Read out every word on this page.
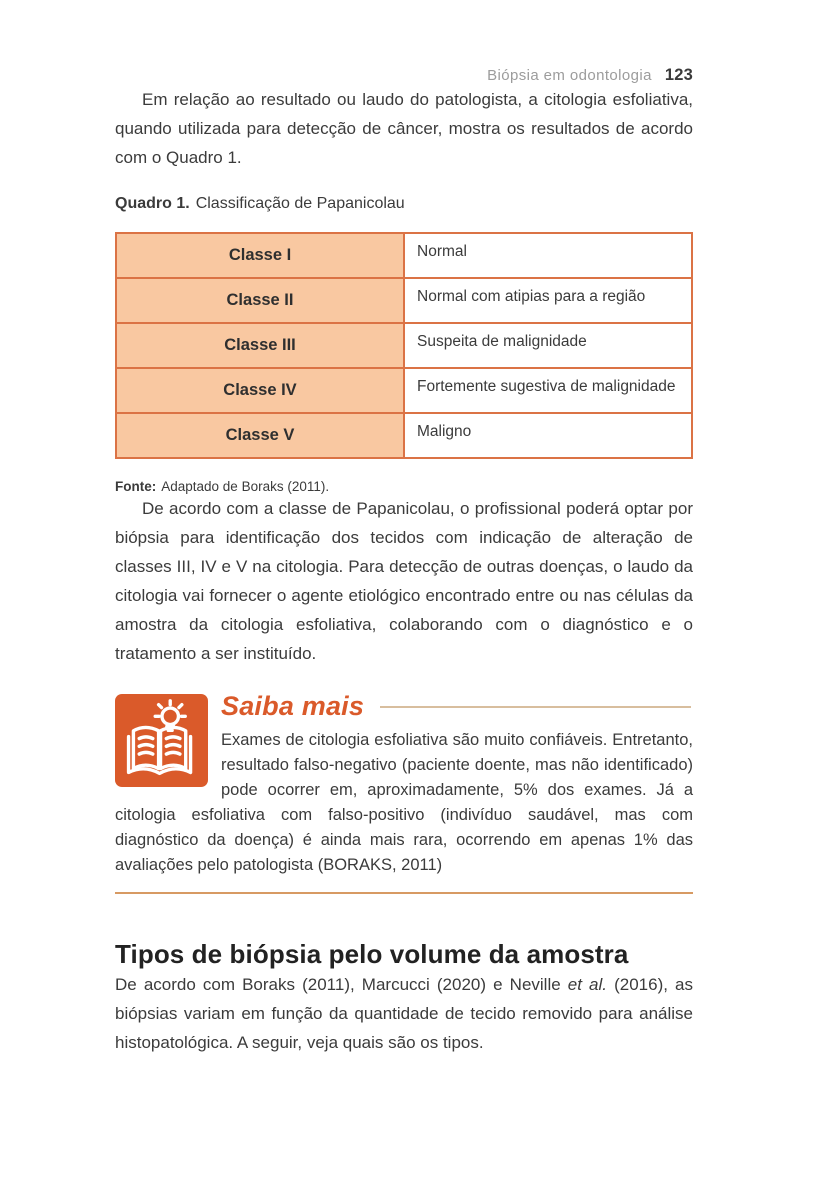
Biópsia em odontologia 123

Em relação ao resultado ou laudo do patologista, a citologia esfoliativa, quando utilizada para detecção de câncer, mostra os resultados de acordo com o Quadro 1.

Quadro 1. Classificação de Papanicolau

Classe I	Normal
Classe II	Normal com atipias para a região
Classe III	Suspeita de malignidade
Classe IV	Fortemente sugestiva de malignidade
Classe V	Maligno

Fonte: Adaptado de Boraks (2011).

De acordo com a classe de Papanicolau, o profissional poderá optar por biópsia para identificação dos tecidos com indicação de alteração de classes III, IV e V na citologia. Para detecção de outras doenças, o laudo da citologia vai fornecer o agente etiológico encontrado entre ou nas células da amostra da citologia esfoliativa, colaborando com o diagnóstico e o tratamento a ser instituído.

Saiba mais

Exames de citologia esfoliativa são muito confiáveis. Entretanto, resultado falso-negativo (paciente doente, mas não identificado) pode ocorrer em, aproximadamente, 5% dos exames. Já a citologia esfoliativa com falso-positivo (indivíduo saudável, mas com diagnóstico da doença) é ainda mais rara, ocorrendo em apenas 1% das avaliações pelo patologista (BORAKS, 2011)

Tipos de biópsia pelo volume da amostra

De acordo com Boraks (2011), Marcucci (2020) e Neville et al. (2016), as biópsias variam em função da quantidade de tecido removido para análise histopatológica. A seguir, veja quais são os tipos.
